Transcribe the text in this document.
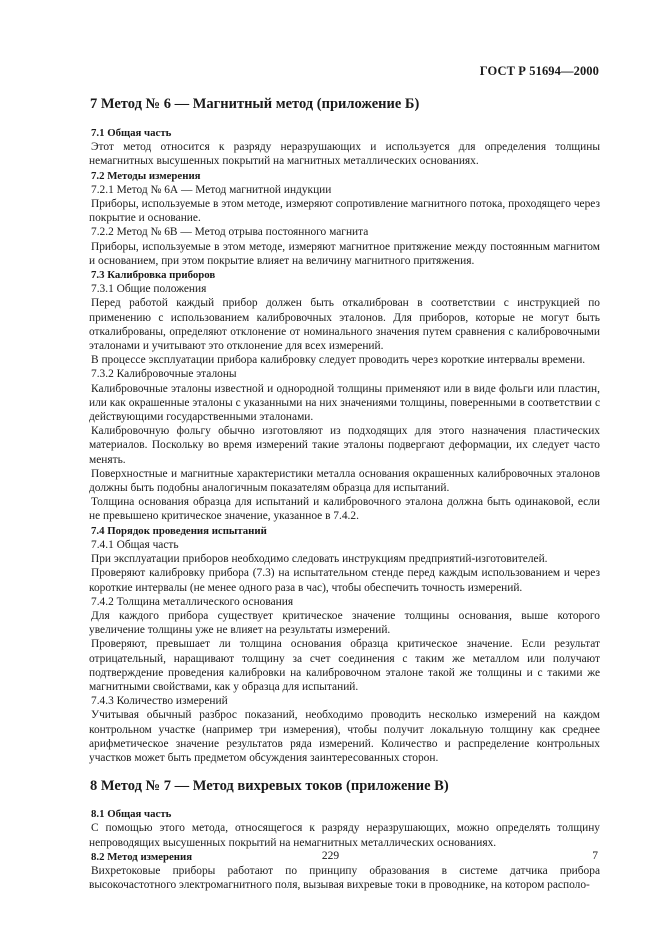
ГОСТ Р 51694—2000
7 Метод № 6 — Магнитный метод (приложение Б)

7.1 Общая часть

Этот метод относится к разряду неразрушающих и используется для определения толщины немагнитных высушенных покрытий на магнитных металлических основаниях.

7.2 Методы измерения

7.2.1 Метод № 6А — Метод магнитной индукции

Приборы, используемые в этом методе, измеряют сопротивление магнитного потока, проходящего через покрытие и основание.

7.2.2 Метод № 6В — Метод отрыва постоянного магнита

Приборы, используемые в этом методе, измеряют магнитное притяжение между постоянным магнитом и основанием, при этом покрытие влияет на величину магнитного притяжения.

7.3 Калибровка приборов

7.3.1 Общие положения

Перед работой каждый прибор должен быть откалиброван в соответствии с инструкцией по применению с использованием калибровочных эталонов. Для приборов, которые не могут быть откалиброваны, определяют отклонение от номинального значения путем сравнения с калибровочными эталонами и учитывают это отклонение для всех измерений.

В процессе эксплуатации прибора калибровку следует проводить через короткие интервалы времени.

7.3.2 Калибровочные эталоны

Калибровочные эталоны известной и однородной толщины применяют или в виде фольги или пластин, или как окрашенные эталоны с указанными на них значениями толщины, поверенными в соответствии с действующими государственными эталонами.

Калибровочную фольгу обычно изготовляют из подходящих для этого назначения пластических материалов. Поскольку во время измерений такие эталоны подвергают деформации, их следует часто менять.

Поверхностные и магнитные характеристики металла основания окрашенных калибровочных эталонов должны быть подобны аналогичным показателям образца для испытаний.

Толщина основания образца для испытаний и калибровочного эталона должна быть одинаковой, если не превышено критическое значение, указанное в 7.4.2.

7.4 Порядок проведения испытаний

7.4.1 Общая часть

При эксплуатации приборов необходимо следовать инструкциям предприятий-изготовителей.

Проверяют калибровку прибора (7.3) на испытательном стенде перед каждым использованием и через короткие интервалы (не менее одного раза в час), чтобы обеспечить точность измерений.

7.4.2 Толщина металлического основания

Для каждого прибора существует критическое значение толщины основания, выше которого увеличение толщины уже не влияет на результаты измерений.

Проверяют, превышает ли толщина основания образца критическое значение. Если результат отрицательный, наращивают толщину за счет соединения с таким же металлом или получают подтверждение проведения калибровки на калибровочном эталоне такой же толщины и с такими же магнитными свойствами, как у образца для испытаний.

7.4.3 Количество измерений

Учитывая обычный разброс показаний, необходимо проводить несколько измерений на каждом контрольном участке (например три измерения), чтобы получит локальную толщину как среднее арифметическое значение результатов ряда измерений. Количество и распределение контрольных участков может быть предметом обсуждения заинтересованных сторон.

8 Метод № 7 — Метод вихревых токов (приложение В)

8.1 Общая часть

С помощью этого метода, относящегося к разряду неразрушающих, можно определять толщину непроводящих высушенных покрытий на немагнитных металлических основаниях.

8.2 Метод измерения

Вихретоковые приборы работают по принципу образования в системе датчика прибора высокочастотного электромагнитного поля, вызывая вихревые токи в проводнике, на котором располо-

229	7
